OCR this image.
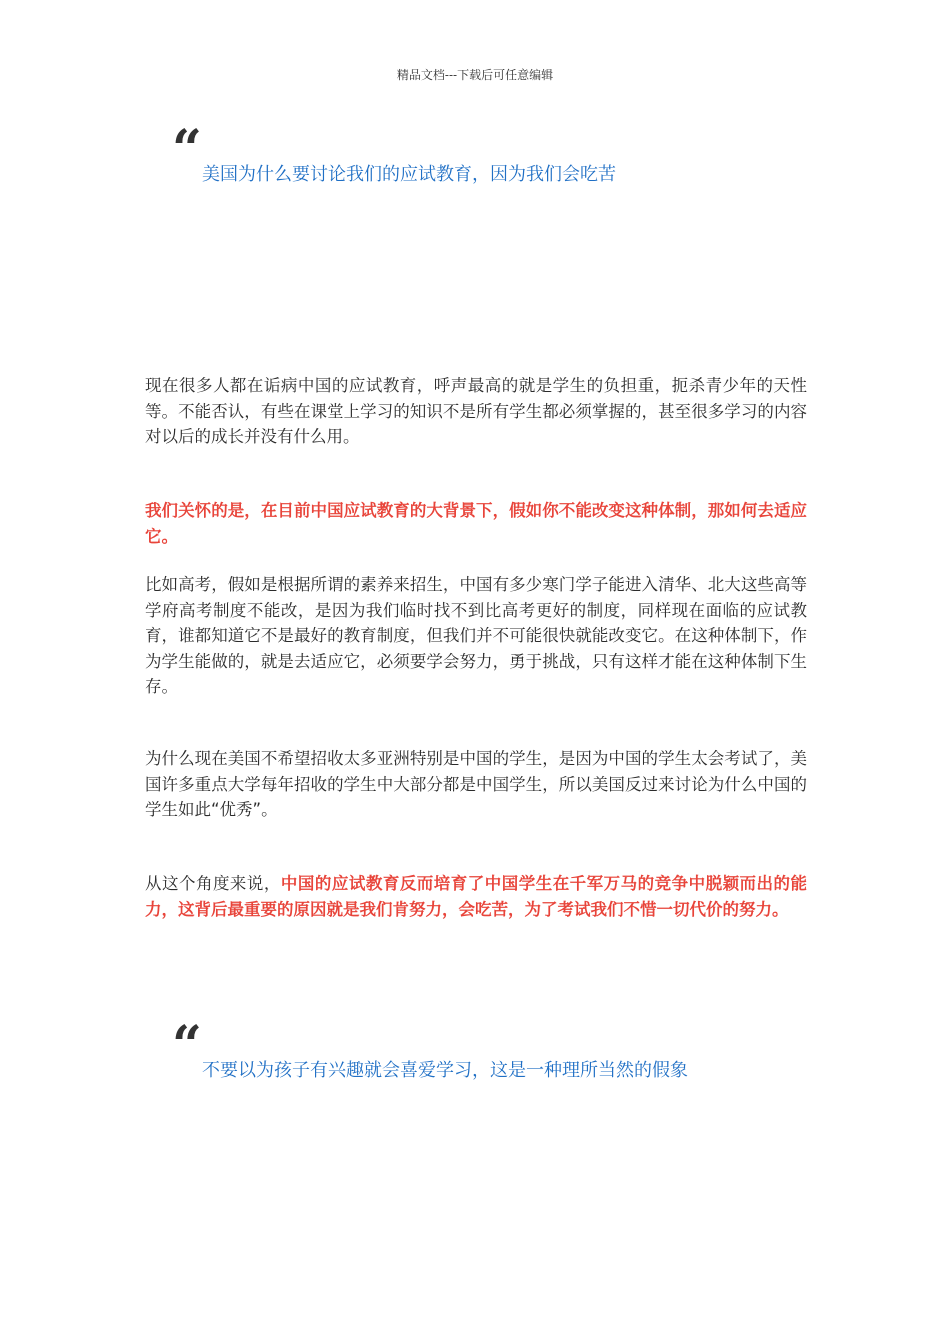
精品文档---下载后可任意编辑
“ 美国为什么要讨论我们的应试教育，因为我们会吃苦

现在很多人都在诟病中国的应试教育，呼声最高的就是学生的负担重，扼杀青少年的天性等。不能否认，有些在课堂上学习的知识不是所有学生都必须掌握的，甚至很多学习的内容对以后的成长并没有什么用。

我们关怀的是，在目前中国应试教育的大背景下，假如你不能改变这种体制，那如何去适应它。

比如高考，假如是根据所谓的素养来招生，中国有多少寒门学子能进入清华、北大这些高等学府高考制度不能改，是因为我们临时找不到比高考更好的制度，同样现在面临的应试教育，谁都知道它不是最好的教育制度，但我们并不可能很快就能改变它。在这种体制下，作为学生能做的，就是去适应它，必须要学会努力，勇于挑战，只有这样才能在这种体制下生存。

为什么现在美国不希望招收太多亚洲特别是中国的学生，是因为中国的学生太会考试了，美国许多重点大学每年招收的学生中大部分都是中国学生，所以美国反过来讨论为什么中国的学生如此“优秀”。

从这个角度来说，中国的应试教育反而培育了中国学生在千军万马的竞争中脱颖而出的能力，这背后最重要的原因就是我们肯努力，会吃苦，为了考试我们不惜一切代价的努力。

“ 不要以为孩子有兴趣就会喜爱学习，这是一种理所当然的假象
